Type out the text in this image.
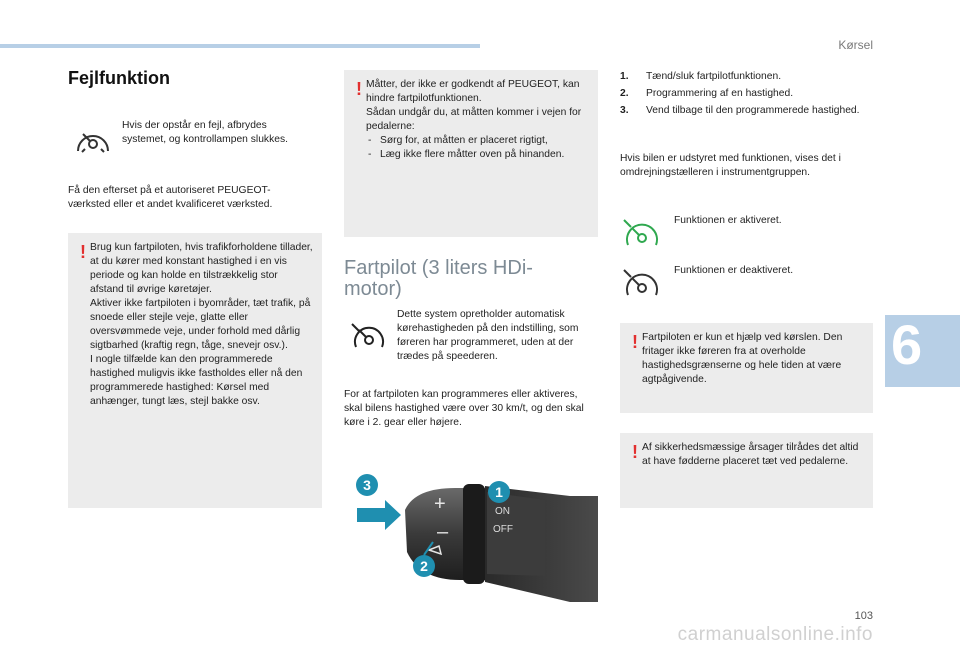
Kørsel
6
103
carmanualsonline.info
Fejlfunktion
Hvis der opstår en fejl, afbrydes systemet, og kontrollampen slukkes.
Få den efterset på et autoriseret PEUGEOT-værksted eller et andet kvalificeret værksted.
! Brug kun fartpiloten, hvis trafikforholdene tillader, at du kører med konstant hastighed i en vis periode og kan holde en tilstrækkelig stor afstand til øvrige køretøjer.

Aktiver ikke fartpiloten i byområder, tæt trafik, på snoede eller stejle veje, glatte eller oversvømmede veje, under forhold med dårlig sigtbarhed (kraftig regn, tåge, snevejr osv.).

I nogle tilfælde kan den programmerede hastighed muligvis ikke fastholdes eller nå den programmerede hastighed: Kørsel med anhænger, tungt læs, stejl bakke osv.

! Måtter, der ikke er godkendt af PEUGEOT, kan hindre fartpilotfunktionen.

Sådan undgår du, at måtten kommer i vejen for pedalerne:

- Sørg for, at måtten er placeret rigtigt,

- Læg ikke flere måtter oven på hinanden.

Fartpilot (3 liters HDi-motor)
Dette system opretholder automatisk kørehastigheden på den indstilling, som føreren har programmeret, uden at der trædes på speederen.
For at fartpiloten kan programmeres eller aktiveres, skal bilens hastighed være over 30 km/t, og den skal køre i 2. gear eller højere.
+
–
ON
OFF
3	1
2
1. Tænd/sluk fartpilotfunktionen.
2. Programmering af en hastighed.
3. Vend tilbage til den programmerede hastighed.
Hvis bilen er udstyret med funktionen, vises det i omdrejningstælleren i instrumentgruppen.
Funktionen er aktiveret.
Funktionen er deaktiveret.
! Fartpiloten er kun et hjælp ved kørslen. Den fritager ikke føreren fra at overholde hastighedsgrænserne og hele tiden at være agtpågivende.
! Af sikkerhedsmæssige årsager tilrådes det altid at have fødderne placeret tæt ved pedalerne.
